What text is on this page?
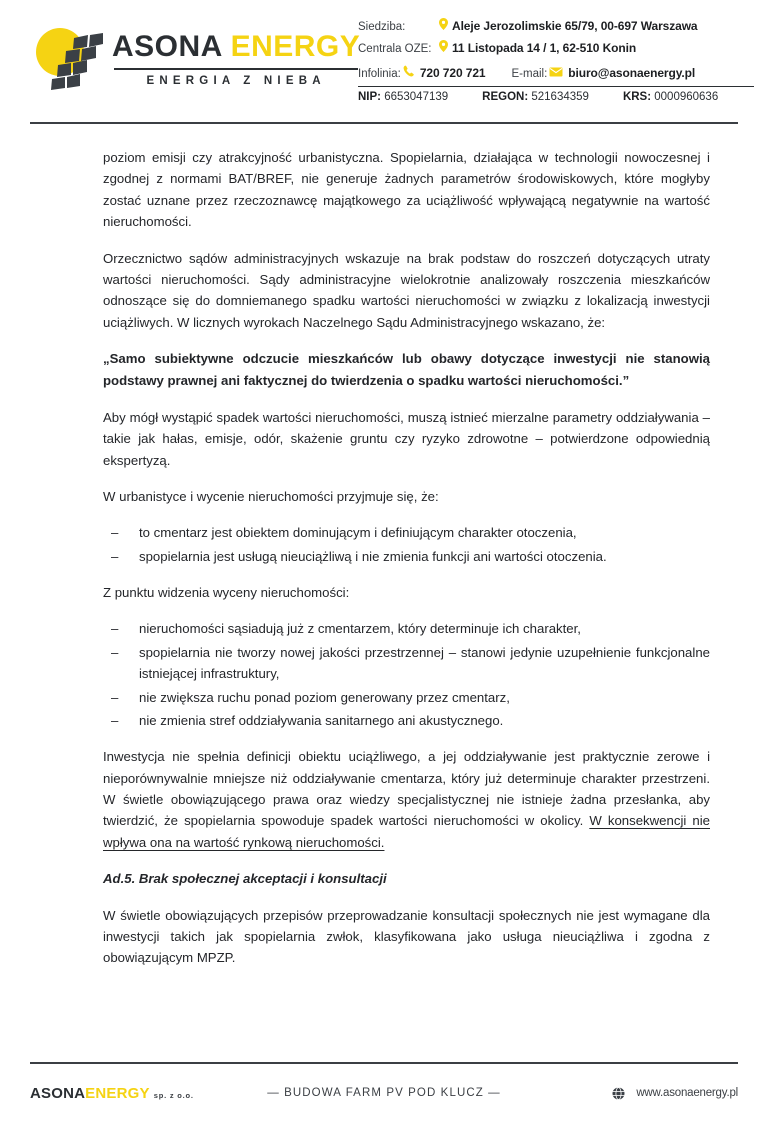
ASONA ENERGY
ENERGIA Z NIEBA
Siedziba:	Aleje Jerozolimskie 65/79, 00-697 Warszawa
Centrala OZE: 11 Listopada 14 / 1, 62-510 Konin
Infolinia: 720 720 721 E-mail: biuro@asonaenergy.pl
NIP: 6653047139	REGON: 521634359	KRS: 0000960636

poziom emisji czy atrakcyjność urbanistyczna. Spopielarnia, działająca w technologii nowoczesnej i zgodnej z normami BAT/BREF, nie generuje żadnych parametrów środowiskowych, które mogłyby zostać uznane przez rzeczoznawcę majątkowego za uciążliwość wpływającą negatywnie na wartość nieruchomości.

Orzecznictwo sądów administracyjnych wskazuje na brak podstaw do roszczeń dotyczących utraty wartości nieruchomości. Sądy administracyjne wielokrotnie analizowały roszczenia mieszkańców odnoszące się do domniemanego spadku wartości nieruchomości w związku z lokalizacją inwestycji uciążliwych. W licznych wyrokach Naczelnego Sądu Administracyjnego wskazano, że:

„Samo subiektywne odczucie mieszkańców lub obawy dotyczące inwestycji nie stanowią podstawy prawnej ani faktycznej do twierdzenia o spadku wartości nieruchomości.”

Aby mógł wystąpić spadek wartości nieruchomości, muszą istnieć mierzalne parametry oddziaływania – takie jak hałas, emisje, odór, skażenie gruntu czy ryzyko zdrowotne – potwierdzone odpowiednią ekspertyzą.

W urbanistyce i wycenie nieruchomości przyjmuje się, że:

– to cmentarz jest obiektem dominującym i definiującym charakter otoczenia,
– spopielarnia jest usługą nieuciążliwą i nie zmienia funkcji ani wartości otoczenia.

Z punktu widzenia wyceny nieruchomości:

– nieruchomości sąsiadują już z cmentarzem, który determinuje ich charakter,
– spopielarnia nie tworzy nowej jakości przestrzennej – stanowi jedynie uzupełnienie funkcjonalne istniejącej infrastruktury,
– nie zwiększa ruchu ponad poziom generowany przez cmentarz,
– nie zmienia stref oddziaływania sanitarnego ani akustycznego.

Inwestycja nie spełnia definicji obiektu uciążliwego, a jej oddziaływanie jest praktycznie zerowe i nieporównywalnie mniejsze niż oddziaływanie cmentarza, który już determinuje charakter przestrzeni. W świetle obowiązującego prawa oraz wiedzy specjalistycznej nie istnieje żadna przesłanka, aby twierdzić, że spopielarnia spowoduje spadek wartości nieruchomości w okolicy. W konsekwencji nie wpływa ona na wartość rynkową nieruchomości.

Ad.5. Brak społecznej akceptacji i konsultacji

W świetle obowiązujących przepisów przeprowadzanie konsultacji społecznych nie jest wymagane dla inwestycji takich jak spopielarnia zwłok, klasyfikowana jako usługa nieuciążliwa i zgodna z obowiązującym MPZP.

ASONAENERGY sp. z o.o.	— BUDOWA FARM PV POD KLUCZ —	www.asonaenergy.pl
